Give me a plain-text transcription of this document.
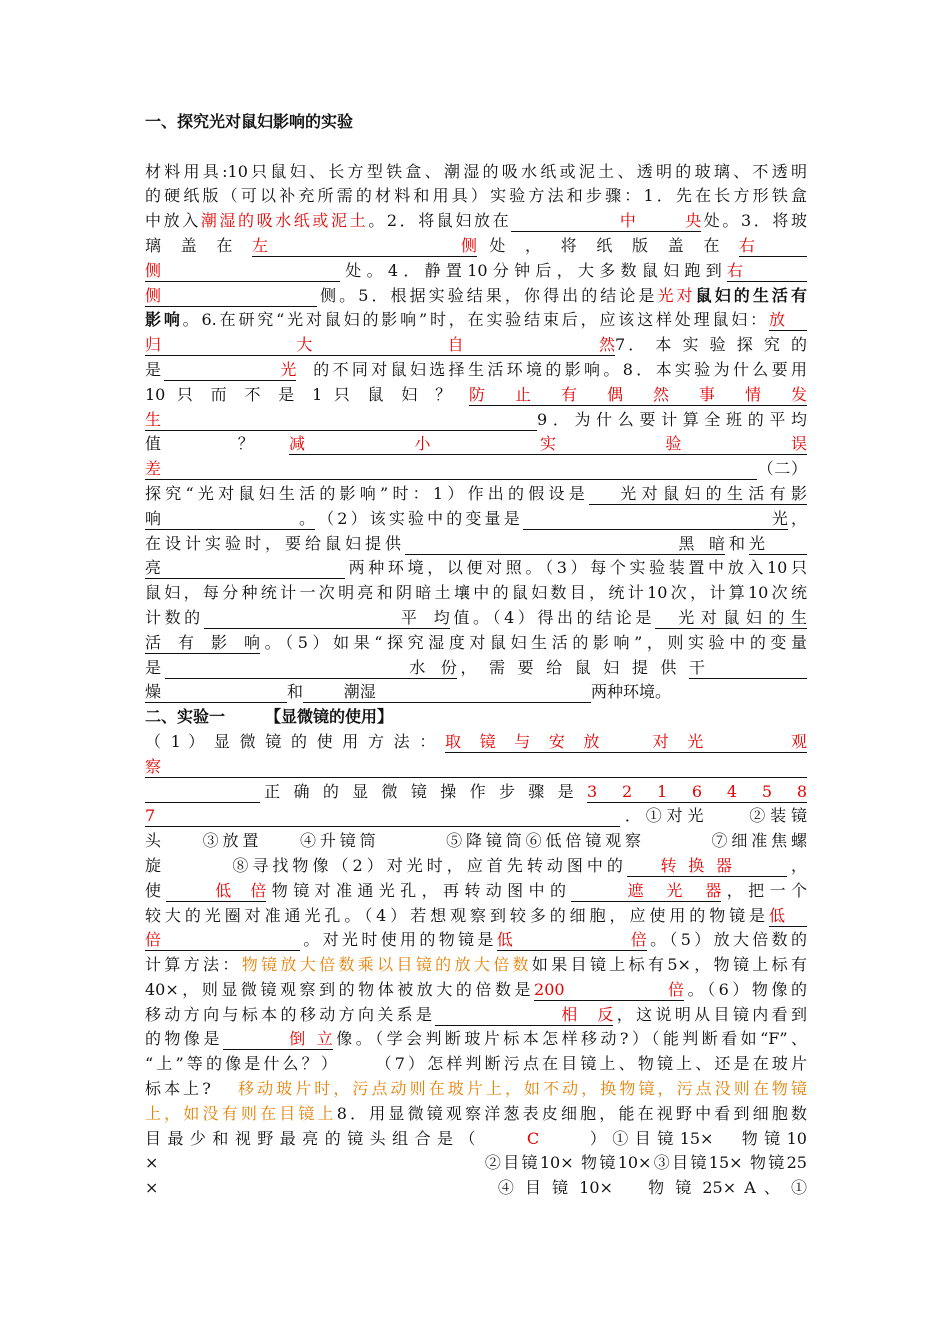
一、探究光对鼠妇影响的实验
材料用具:10只鼠妇、长方型铁盒、潮湿的吸水纸或泥土、透明的玻璃、不透明
的硬纸版（可以补充所需的材料和用具）实验方法和步骤：1．先在长方形铁盒
中放入潮湿的吸水纸或泥土。2．将鼠妇放在  中央处。3．将玻
璃 盖 在 左 侧 处 ， 将 纸 版 盖 在 右
侧	处。4．静置10分钟后，大多数鼠妇跑到右
侧	侧。5．根据实验结果，你得出的结论是光对鼠妇的生活有
影响。6.在研究“光对鼠妇的影响”时，在实验结束后，应该这样处理鼠妇：放
归大自然7． 本 实 验 探 究 的
是 光  的不同对鼠妇选择生活环境的影响。8．本实验为什么要用
10 只 而 不 是 1 只 鼠 妇 ？ 防 止 有 偶 然 事 情 发
生	9．为什么要计算全班的平均
值 　　　？ 　减　　　小　　　实　　　验　　　误
差	（二）
探究“光对鼠妇生活的影响”时：1）作出的假设是   光对鼠妇的生活有影
响。（2）该实验中的变量是         光，
在设计实验时，要给鼠妇提供              黑暗和光
亮	两种环境，以便对照。（3）每个实验装置中放入10只
鼠妇，每分种统计一次明亮和阴暗土壤中的鼠妇数目，统计10次，计算10次统
计数的         平均值。（4）得出的结论是  光对鼠妇的生
活有影响。（5）如果“探究湿度对鼠妇生活的影响”，则实验中的变量
是            水份， 需 要 给 鼠 妇 提 供 干
燥	和        潮湿	两种环境。
二、实验一　　　【显微镜的使用】
（ 1 ） 显 微 镜 的 使 用 方 法 ： 取 镜 与 安 放 　 对 光 　 　 观
察
正 确 的 显 微 镜 操 作 步 骤 是 3　2　1　6　4　5　8
7	．①对光 　 ②装镜
头 　 ③放置 　 ④升镜筒 　 　 ⑤降镜筒⑥低倍镜观察 　 　 ⑦细准焦螺
旋 　 　 ⑧寻找物像（2）对光时，应首先转动图中的  转换器	，
使  低倍物镜对准通光孔，再转动图中的  遮光器，把一个
较大的光圈对准通光孔。（4）若想观察到较多的细胞，应使用的物镜是低
倍	。对光时使用的物镜是低倍。（5）放大倍数的
计算方法：物镜放大倍数乘以目镜的放大倍数如果目镜上标有5×，物镜上标有
40×，则显微镜观察到的物体被放大的倍数是200　　 倍。（6）物像的
移动方向与标本的移动方向关系是     相反，这说明从目镜内看到
的物像是    倒立像。（学会判断玻片标本怎样移动?）（能判断看如“F”、
“上”等的像是什么？） 　 （7）怎样判断污点在目镜上、物镜上、还是在玻片
标本上? 　移动玻片时，污点动则在玻片上，如不动，换物镜，污点没则在物镜
上，如没有则在目镜上8．用显微镜观察洋葱表皮细胞，能在视野中看到细胞数
目 最 少 和 视 野 最 亮 的 镜 头 组 合 是 （ 　 　 C 　 　 ） ① 目 镜 15× 　 物 镜 10
× 　　　　　　　　　　　　　　　　　 ②目镜10× 物镜10×③目镜15× 物镜25
× 　　　　　　　　　　　　　　　　　 ④ 目 镜 10× 　 物 镜 25× A 、 ①
